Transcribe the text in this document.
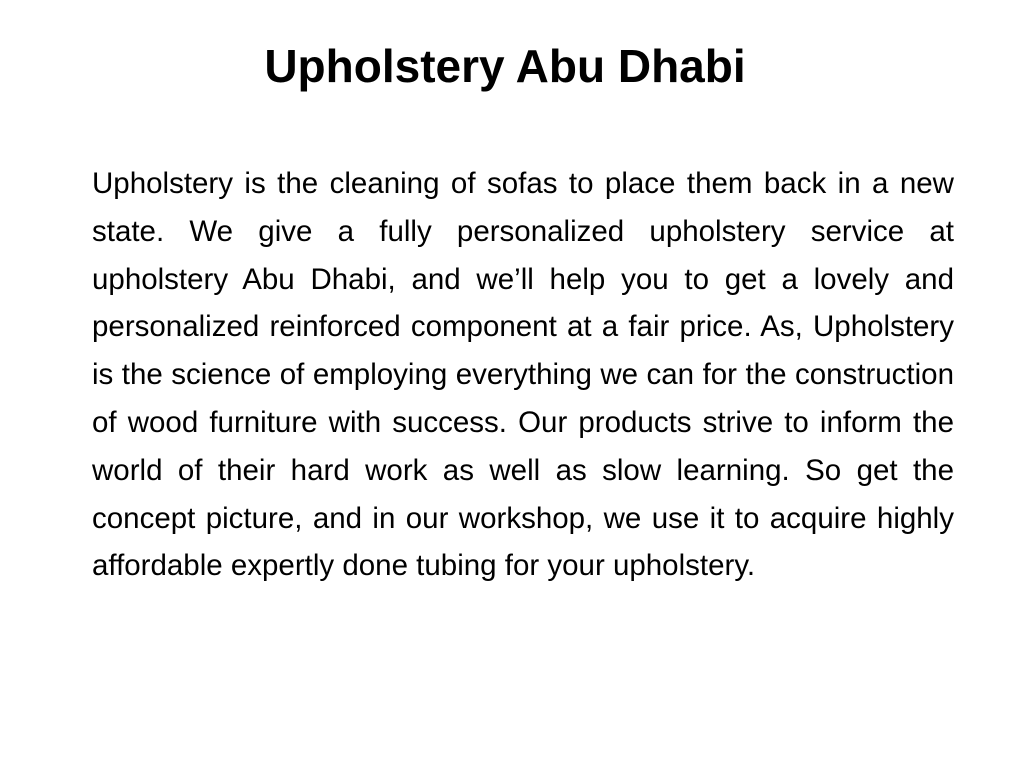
Upholstery Abu Dhabi

Upholstery is the cleaning of sofas to place them back in a new state. We give a fully personalized upholstery service at upholstery Abu Dhabi, and we’ll help you to get a lovely and personalized reinforced component at a fair price. As, Upholstery is the science of employing everything we can for the construction of wood furniture with success. Our products strive to inform the world of their hard work as well as slow learning. So get the concept picture, and in our workshop, we use it to acquire highly affordable expertly done tubing for your upholstery.
